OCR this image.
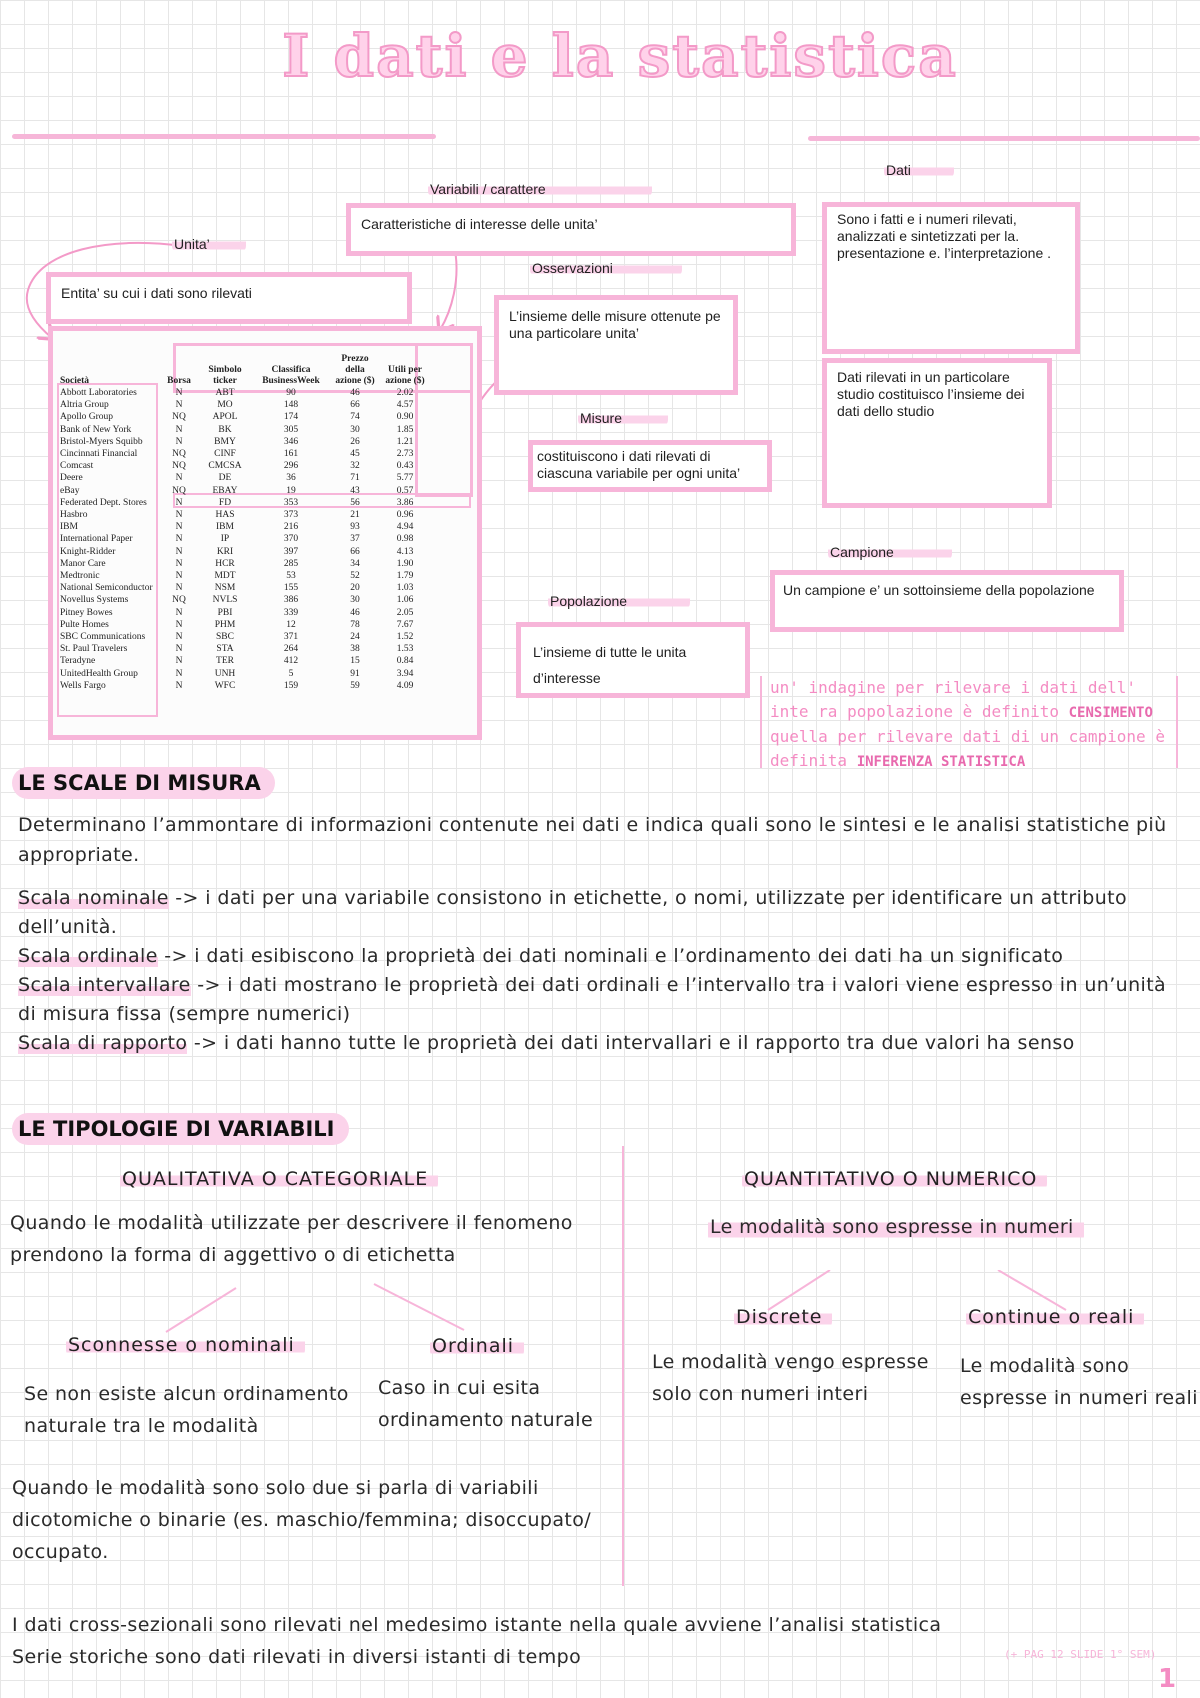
I dati e la statistica
Variabili / carattere
Caratteristiche di interesse delle unita’
Unita’
Entita’ su cui i dati sono rilevati
Osservazioni
L’insieme delle misure ottenute pe una particolare unita’
Misure
costituiscono i dati rilevati di ciascuna variabile per ogni unita’
Dati
Sono i fatti e i numeri rilevati, analizzati e sintetizzati per la. presentazione e. l’interpretazione .
Dati rilevati in un particolare studio costituisco l’insieme dei dati dello studio
Campione
Un campione e’ un sottoinsieme della popolazione
Popolazione
L’insieme di tutte le unita d’interesse	un' indagine per rilevare i dati dell' inte ra popolazione è definito CENSIMENTO quella per rilevare dati di un campione è definita INFERENZA STATISTICA
Società	Borsa	Simbolo ticker	Classifica BusinessWeek	Prezzo della azione ($)	Utili per azione ($)
Abbott Laboratories	N	ABT	90	46	2.02
Altria Group	N	MO	148	66	4.57
Apollo Group	NQ	APOL	174	74	0.90
Bank of New York	N	BK	305	30	1.85
Bristol-Myers Squibb	N	BMY	346	26	1.21
Cincinnati Financial	NQ	CINF	161	45	2.73
Comcast	NQ	CMCSA	296	32	0.43
Deere	N	DE	36	71	5.77
eBay	NQ	EBAY	19	43	0.57
Federated Dept. Stores	N	FD	353	56	3.86
Hasbro	N	HAS	373	21	0.96
IBM	N	IBM	216	93	4.94
International Paper	N	IP	370	37	0.98
Knight-Ridder	N	KRI	397	66	4.13
Manor Care	N	HCR	285	34	1.90
Medtronic	N	MDT	53	52	1.79
National Semiconductor	N	NSM	155	20	1.03
Novellus Systems	NQ	NVLS	386	30	1.06
Pitney Bowes	N	PBI	339	46	2.05
Pulte Homes	N	PHM	12	78	7.67
SBC Communications	N	SBC	371	24	1.52
St. Paul Travelers	N	STA	264	38	1.53
Teradyne	N	TER	412	15	0.84
UnitedHealth Group	N	UNH	5	91	3.94
Wells Fargo	N	WFC	159	59	4.09
LE SCALE DI MISURA
Determinano l’ammontare di informazioni contenute nei dati e indica quali sono le sintesi e le analisi statistiche più appropriate.
Scala nominale -> i dati per una variabile consistono in etichette, o nomi, utilizzate per identificare un attributo dell’unità.
Scala ordinale -> i dati esibiscono la proprietà dei dati nominali e l’ordinamento dei dati ha un significato
Scala intervallare -> i dati mostrano le proprietà dei dati ordinali e l’intervallo tra i valori viene espresso in un’unità di misura fissa (sempre numerici)
Scala di rapporto -> i dati hanno tutte le proprietà dei dati intervallari e il rapporto tra due valori ha senso
LE TIPOLOGIE DI VARIABILI
QUALITATIVA O CATEGORIALE
Quando le modalità utilizzate per descrivere il fenomeno prendono la forma di aggettivo o di etichetta
Sconnesse o nominali
Se non esiste alcun ordinamento naturale tra le modalità
Ordinali
Caso in cui esita ordinamento naturale
Quando le modalità sono solo due si parla di variabili dicotomiche o binarie (es. maschio/femmina; disoccupato/ occupato.
QUANTITATIVO O NUMERICO
Le modalità sono espresse in numeri
Discrete
Le modalità vengo espresse solo con numeri interi
Continue o reali
Le modalità sono espresse in numeri reali
I dati cross-sezionali sono rilevati nel medesimo istante nella quale avviene l’analisi statistica
Serie storiche sono dati rilevati in diversi istanti di tempo	(+ PAG 12 SLIDE 1° SEM)
1
